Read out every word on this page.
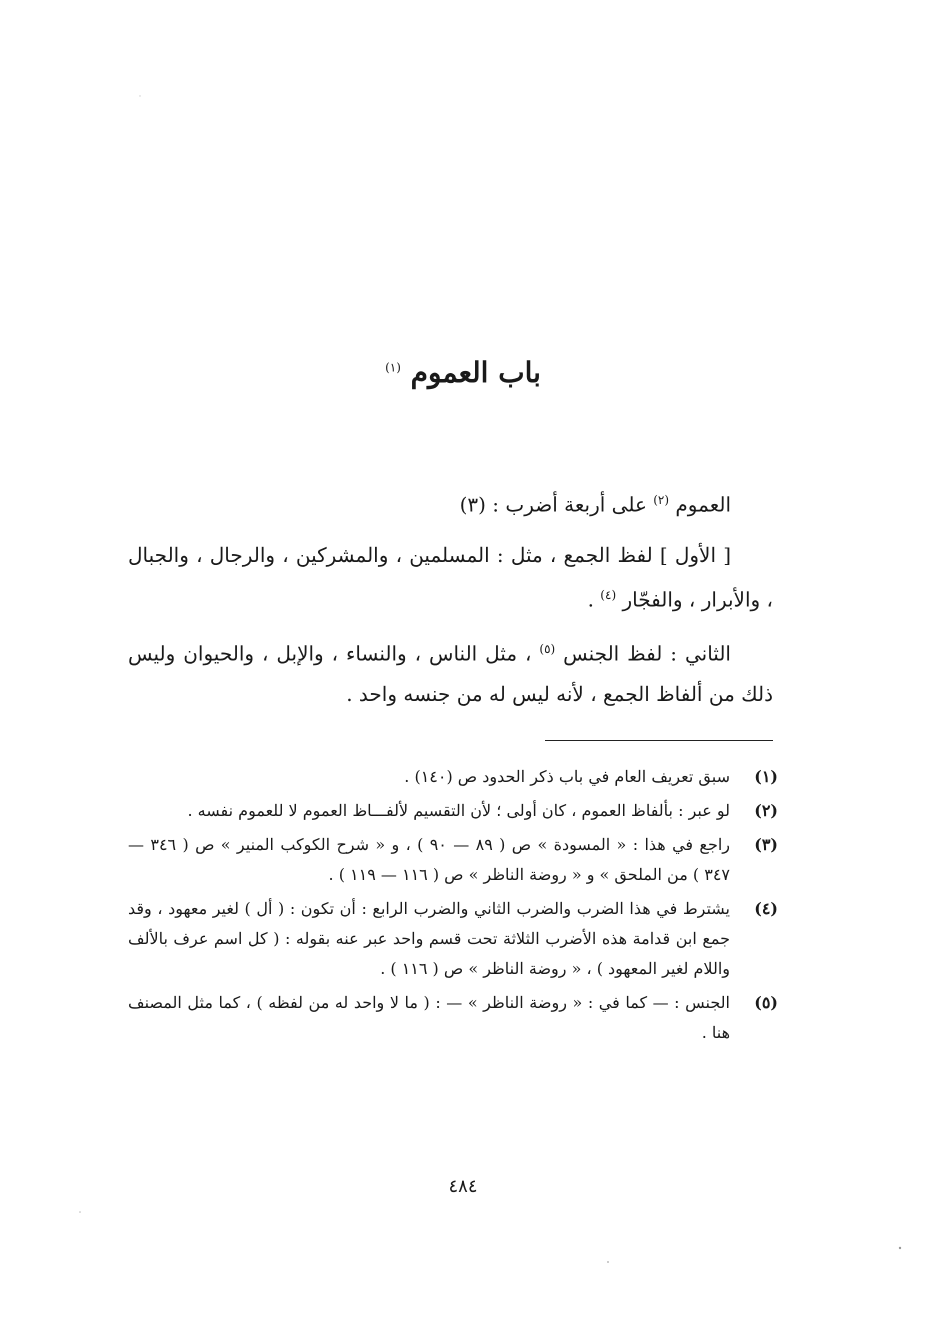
باب العموم $^{(١)}$

العموم $^{(٢)}$ على أربعة أضرب : (٣)

[ الأول ] لفظ الجمع ، مثل : المسلمين ، والمشركين ، والرجال ، والجبال ، والأبرار ، والفجّار $^{(٤)}$ .

الثاني : لفظ الجنس $^{(٥)}$ ، مثل الناس ، والنساء ، والإبل ، والحيوان وليس ذلك من ألفاظ الجمع ، لأنه ليس له من جنسه واحد .

(١)
سبق تعريف العام في باب ذكر الحدود ص (١٤٠) .
(٢)
لو عبر : بألفاظ العموم ، كان أولى ؛ لأن التقسيم لألفـــاظ العموم لا للعموم نفسه .
(٣)
راجع في هذا : « المسودة » ص ( ٨٩ — ٩٠ ) ، و « شرح الكوكب المنير » ص ( ٣٤٦ — ٣٤٧ ) من الملحق » و « روضة الناظر » ص ( ١١٦ — ١١٩ ) .
(٤)
يشترط في هذا الضرب والضرب الثاني والضرب الرابع : أن تكون : ( أل ) لغير معهود ، وقد جمع ابن قدامة هذه الأضرب الثلاثة تحت قسم واحد عبر عنه بقوله : ( كل اسم عرف بالألف واللام لغير المعهود ) ، « روضة الناظر » ص ( ١١٦ ) .
(٥)
الجنس : — كما في : « روضة الناظر » — : ( ما لا واحد له من لفظه ) ، كما مثل المصنف هنا .
٤٨٤
